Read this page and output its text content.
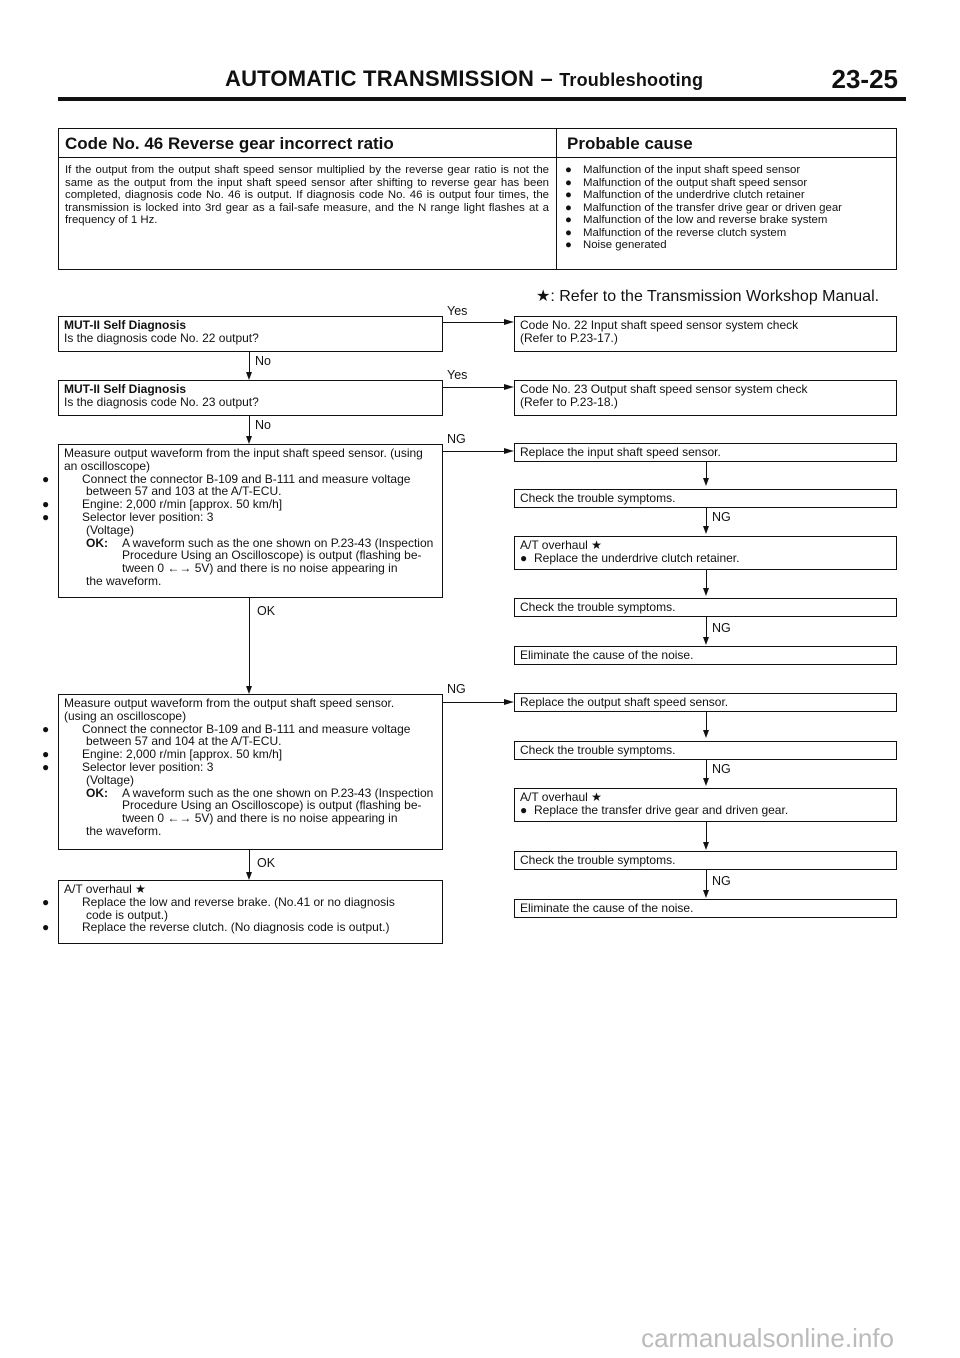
AUTOMATIC TRANSMISSION – Troubleshooting	23-25
Code No. 46 Reverse gear incorrect ratio	Probable cause
If the output from the output shaft speed sensor multiplied by the reverse gear ratio is not the same as the output from the input shaft speed sensor after shifting to reverse gear has been completed, diagnosis code No. 46 is output. If diagnosis code No. 46 is output four times, the transmission is locked into 3rd gear as a fail-safe measure, and the N range light flashes at a frequency of 1 Hz.
● Malfunction of the input shaft speed sensor
● Malfunction of the output shaft speed sensor
● Malfunction of the underdrive clutch retainer
● Malfunction of the transfer drive gear or driven gear
● Malfunction of the low and reverse brake system
● Malfunction of the reverse clutch system
● Noise generated
★: Refer to the Transmission Workshop Manual.
MUT-II Self Diagnosis
Is the diagnosis code No. 22 output?
Yes
Code No. 22 Input shaft speed sensor system check
(Refer to P.23-17.)
No
MUT-II Self Diagnosis
Is the diagnosis code No. 23 output?
Yes
Code No. 23 Output shaft speed sensor system check
(Refer to P.23-18.)
No
Measure output waveform from the input shaft speed sensor. (using
an oscilloscope)
●	Connect the connector B-109 and B-111 and measure voltage
between 57 and 103 at the A/T-ECU.
●	Engine: 2,000 r/min [approx. 50 km/h]
●	Selector lever position: 3
(Voltage)
OK: A waveform such as the one shown on P.23-43 (Inspection
Procedure Using an Oscilloscope) is output (flashing be-
tween 0 ←→ 5V) and there is no noise appearing in
the waveform.
NG
Replace the input shaft speed sensor.
Check the trouble symptoms.
NG
A/T overhaul ★
● Replace the underdrive clutch retainer.
Check the trouble symptoms.
NG
Eliminate the cause of the noise.
OK
Measure output waveform from the output shaft speed sensor.
(using an oscilloscope)
●	Connect the connector B-109 and B-111 and measure voltage
between 57 and 104 at the A/T-ECU.
●	Engine: 2,000 r/min [approx. 50 km/h]
●	Selector lever position: 3
(Voltage)
OK: A waveform such as the one shown on P.23-43 (Inspection
Procedure Using an Oscilloscope) is output (flashing be-
tween 0 ←→ 5V) and there is no noise appearing in
the waveform.
NG
Replace the output shaft speed sensor.
Check the trouble symptoms.
NG
A/T overhaul ★
● Replace the transfer drive gear and driven gear.
Check the trouble symptoms.
NG
Eliminate the cause of the noise.
OK
A/T overhaul ★
●	Replace the low and reverse brake. (No.41 or no diagnosis
code is output.)
●	Replace the reverse clutch. (No diagnosis code is output.)
carmanualsonline.info
